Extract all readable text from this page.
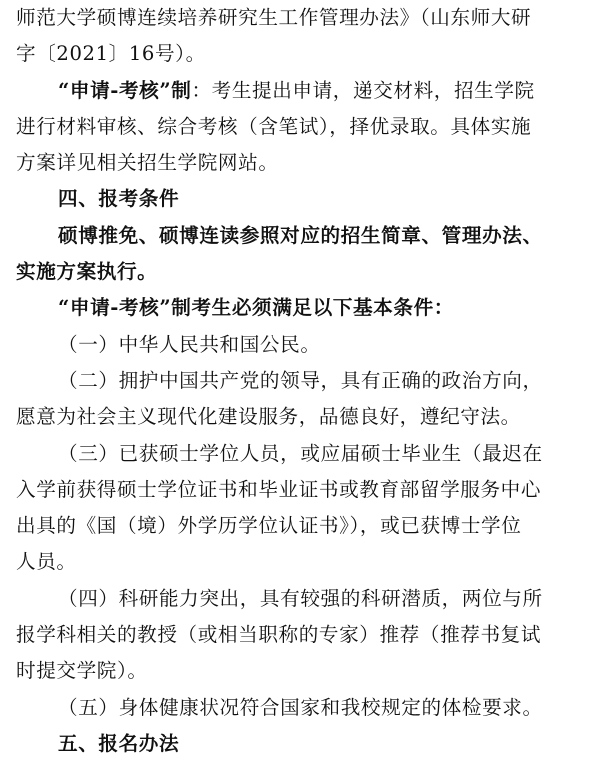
师范大学硕博连续培养研究生工作管理办法》（山东师大研
字〔2021〕16号）。
“申请-考核”制：考生提出申请，递交材料，招生学院
进行材料审核、综合考核（含笔试），择优录取。具体实施
方案详见相关招生学院网站。
四、报考条件
硕博推免、硕博连读参照对应的招生简章、管理办法、
实施方案执行。
“申请-考核”制考生必须满足以下基本条件：
（一）中华人民共和国公民。
（二）拥护中国共产党的领导，具有正确的政治方向，
愿意为社会主义现代化建设服务，品德良好，遵纪守法。
（三）已获硕士学位人员，或应届硕士毕业生（最迟在
入学前获得硕士学位证书和毕业证书或教育部留学服务中心
出具的《国（境）外学历学位认证书》），或已获博士学位
人员。
（四）科研能力突出，具有较强的科研潜质，两位与所
报学科相关的教授（或相当职称的专家）推荐（推荐书复试
时提交学院）。
（五）身体健康状况符合国家和我校规定的体检要求。
五、报名办法
